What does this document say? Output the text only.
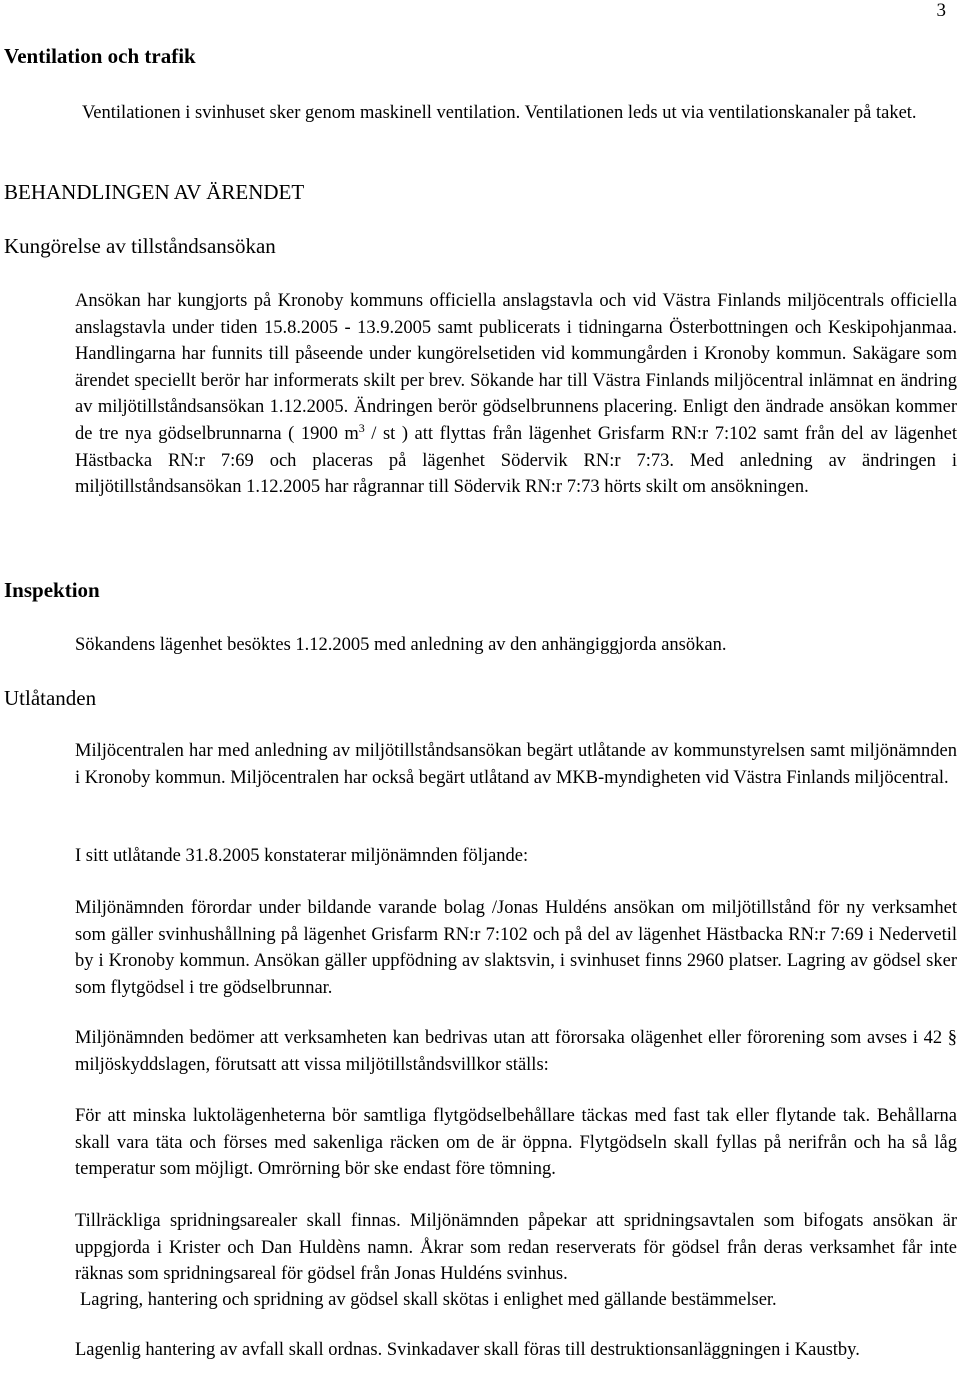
3
Ventilation och trafik

Ventilationen i svinhuset sker genom maskinell ventilation. Ventilationen leds ut via ventilationskanaler på taket.

BEHANDLINGEN AV ÄRENDET
Kungörelse av tillståndsansökan

Ansökan har kungjorts på Kronoby kommuns officiella anslagstavla och vid Västra Finlands miljöcentrals officiella anslagstavla under tiden 15.8.2005 - 13.9.2005 samt publicerats i tidningarna Österbottningen och Keskipohjanmaa. Handlingarna har funnits till påseende under kungörelsetiden vid kommungården i Kronoby kommun. Sakägare som ärendet speciellt berör har informerats skilt per brev. Sökande har till Västra Finlands miljöcentral inlämnat en ändring av miljötillståndsansökan 1.12.2005. Ändringen berör gödselbrunnens placering. Enligt den ändrade ansökan kommer de tre nya gödselbrunnarna ( 1900 $m^3$ / st ) att flyttas från lägenhet Grisfarm RN:r 7:102 samt från del av lägenhet Hästbacka RN:r 7:69 och placeras på lägenhet Södervik RN:r 7:73. Med anledning av ändringen i miljötillståndsansökan 1.12.2005 har rågrannar till Södervik RN:r 7:73 hörts skilt om ansökningen.

Inspektion

Sökandens lägenhet besöktes 1.12.2005 med anledning av den anhängiggjorda ansökan.

Utlåtanden

Miljöcentralen har med anledning av miljötillståndsansökan begärt utlåtande av kommunstyrelsen samt miljönämnden i Kronoby kommun. Miljöcentralen har också begärt utlåtand av MKB-myndigheten vid Västra Finlands miljöcentral.

I sitt utlåtande 31.8.2005 konstaterar miljönämnden följande:

Miljönämnden förordar under bildande varande bolag /Jonas Huldéns ansökan om miljötillstånd för ny verksamhet som gäller svinhushållning på lägenhet Grisfarm RN:r 7:102 och på del av lägenhet Hästbacka RN:r 7:69 i Nedervetil by i Kronoby kommun. Ansökan gäller uppfödning av slaktsvin, i svinhuset finns 2960 platser. Lagring av gödsel sker som flytgödsel i tre gödselbrunnar.

Miljönämnden bedömer att verksamheten kan bedrivas utan att förorsaka olägenhet eller förorening som avses i 42 § miljöskyddslagen, förutsatt att vissa miljötillståndsvillkor ställs:

För att minska luktolägenheterna bör samtliga flytgödselbehållare täckas med fast tak eller flytande tak. Behållarna skall vara täta och förses med sakenliga räcken om de är öppna. Flytgödseln skall fyllas på nerifrån och ha så låg temperatur som möjligt. Omrörning bör ske endast före tömning.

Tillräckliga spridningsarealer skall finnas. Miljönämnden påpekar att spridningsavtalen som bifogats ansökan är uppgjorda i Krister och Dan Huldèns namn. Åkrar som redan reserverats för gödsel från deras verksamhet får inte räknas som spridningsareal för gödsel från Jonas Huldéns svinhus.

Lagring, hantering och spridning av gödsel skall skötas i enlighet med gällande bestämmelser.

Lagenlig hantering av avfall skall ordnas. Svinkadaver skall föras till destruktionsanläggningen i Kaustby.
